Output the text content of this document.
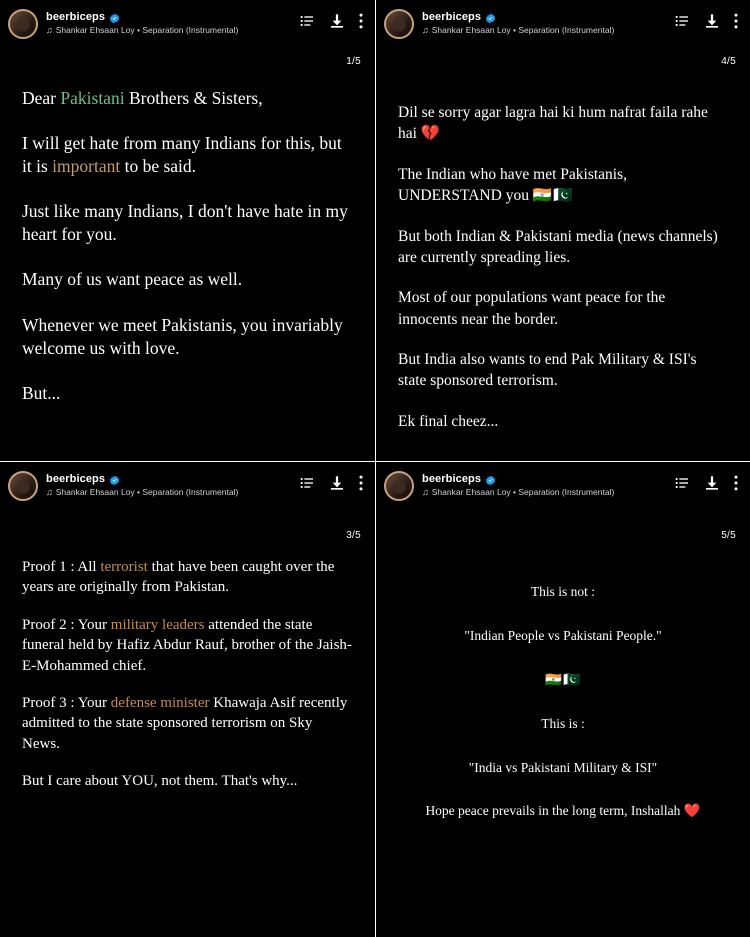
beerbiceps
♫ Shankar Ehsaan Loy • Separation (Instrumental)
1/5

Dear Pakistani Brothers & Sisters,

I will get hate from many Indians for this, but it is important to be said.

Just like many Indians, I don't have hate in my heart for you.

Many of us want peace as well.

Whenever we meet Pakistanis, you invariably welcome us with love.

But...

beerbiceps
♫ Shankar Ehsaan Loy • Separation (Instrumental)
4/5

Dil se sorry agar lagra hai ki hum nafrat faila rahe hai 💔

The Indian who have met Pakistanis, UNDERSTAND you 🇮🇳🇵🇰

But both Indian & Pakistani media (news channels) are currently spreading lies.

Most of our populations want peace for the innocents near the border.

But India also wants to end Pak Military & ISI's state sponsored terrorism.

Ek final cheez...

beerbiceps
♫ Shankar Ehsaan Loy • Separation (Instrumental)
3/5

Proof 1 : All terrorist that have been caught over the years are originally from Pakistan.

Proof 2 : Your military leaders attended the state funeral held by Hafiz Abdur Rauf, brother of the Jaish-E-Mohammed chief.

Proof 3 : Your defense minister Khawaja Asif recently admitted to the state sponsored terrorism on Sky News.

But I care about YOU, not them. That's why...

beerbiceps
♫ Shankar Ehsaan Loy • Separation (Instrumental)
5/5

This is not :

"Indian People vs Pakistani People."

🇮🇳🇵🇰

This is :

"India vs Pakistani Military & ISI"

Hope peace prevails in the long term, Inshallah ❤️
